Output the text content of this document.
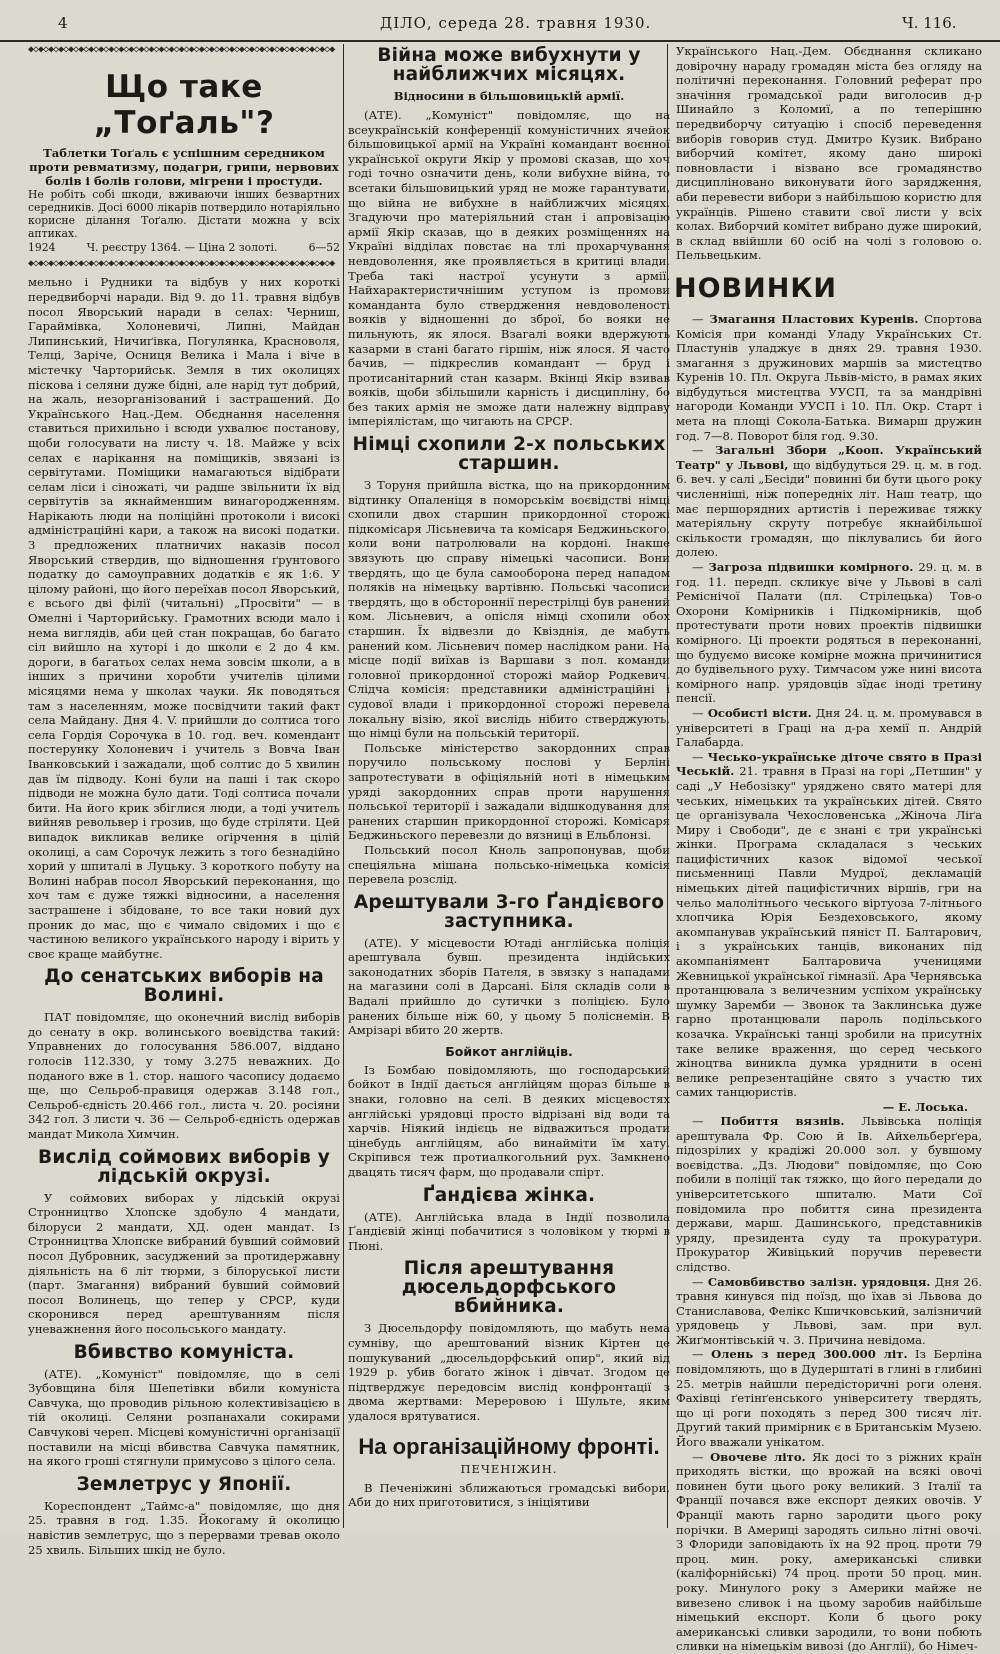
4	ДІЛО, середа 28. травня 1930.	Ч. 116.
◆◇◆◇◆◇◆◇◆◇◆◇◆◇◆◇◆◇◆◇◆◇◆◇◆◇◆◇◆◇◆◇◆◇◆◇◆◇◆◇◆◇◆◇◆◇◆◇◆◇◆◇◆◇◆◇◆◇◆◇◆
Що таке „Тоґаль"?
Таблетки Тоґаль є успішним середником проти ревматизму, подагри, грипи, нервових болів і болів голови, мігрени і простуди.
Не робіть собі шкоди, вживаючи інших безвартних середників. Досі 6000 лікарів потвердило нотаріяльно корисне ділання Тоґалю. Дістати можна у всіх аптиках.
1924	Ч. реєстру 1364. — Ціна 2 золоті.	6—52
◆◇◆◇◆◇◆◇◆◇◆◇◆◇◆◇◆◇◆◇◆◇◆◇◆◇◆◇◆◇◆◇◆◇◆◇◆◇◆◇◆◇◆◇◆◇◆◇◆◇◆◇◆◇◆◇◆◇◆◇◆

мельно і Рудники та відбув у них короткі передвиборчі наради. Від 9. до 11. травня відбув посол Яворський наради в селах: Черниш, Гараймівка, Холоневичі, Липні, Майдан Липинський, Ничиґівка, Погулянка, Красноволя, Телці, Заріче, Осниця Велика і Мала і віче в містечку Чарторийськ. Земля в тих околицях піскова і селяни дуже бідні, але нарід тут добрий, на жаль, незорганізований і застрашений. До Українського Нац.-Дем. Обєднання населення ставиться прихильно і всюди ухвалює постанову, щоби голосувати на листу ч. 18. Майже у всіх селах є нарікання на поміщиків, звязані із сервітутами. Поміщики намагаються відібрати селам ліси і сіножаті, чи радше звільнити їх від сервітутів за якнайменшим винагородженням. Нарікають люди на поліційні протоколи і високі адміністраційні кари, а також на високі податки. З предложених платничих наказів посол Яворський ствердив, що відношення ґрунтового податку до самоуправних додатків є як 1:6. У цілому районі, що його переїхав посол Яворський, є всього дві філії (читальні) „Просвіти" — в Омелні і Чарторийську. Грамотних всюди мало і нема виглядів, аби цей стан покращав, бо багато сіл вийшло на хуторі і до школи є 2 до 4 км. дороги, в багатьох селах нема зовсім школи, а в інших з причини хоробти учителів цілими місяцями нема у школах чауки. Як поводяться там з населенням, може посвідчити такий факт села Майдану. Дня 4. V. прийшли до солтиса того села Гордія Сорочука в 10. год. веч. комендант постерунку Холоневич і учитель з Вовча Іван Іванковський і зажадали, щоб солтис до 5 хвилин дав їм підводу. Коні були на паші і так скоро підводи не можна було дати. Тоді солтиса почали бити. На його крик збіглися люди, а тоді учитель вийняв револьвер і грозив, що буде стріляти. Цей випадок викликав велике огірчення в цілій околиці, а сам Сорочук лежить з того безнадійно хорий у шпиталі в Луцьку. З короткого побуту на Волині набрав посол Яворський переконання, що хоч там є дуже тяжкі відносини, а населення застрашене і збідоване, то все таки новий дух проник до мас, що є чимало свідомих і що є частиною великого українського народу і вірить у своє краще майбутнє.

До сенатських виборів на Волині.

ПАТ повідомляє, що оконечний вислід виборів до сенату в окр. волинського воєвідства такий: Управнених до голосування 586.007, віддано голосів 112.330, у тому 3.275 неважних. До поданого вже в 1. стор. нашого часопису додаємо ще, що Сельроб-правиця одержав 3.148 гол., Сельроб-єдність 20.466 гол., листа ч. 20. росіяни 342 гол. 3 листи ч. 36 — Сельроб-єдність одержав мандат Микола Химчин.

Вислід соймових виборів у лідській окрузі.

У соймових виборах у лідській окрузі Стронництво Хлопске здобуло 4 мандати, білоруси 2 мандати, ХД. оден мандат. Із Стронництва Хлопске вибраний бувший соймовий посол Дубровник, засуджений за протидержавну діяльність на 6 літ тюрми, з білоруської листи (парт. Змагання) вибраний бувший соймовий посол Волинець, що тепер у СРСР, куди скоронився перед арештуванням після уневажнення його посольського мандату.

Вбивство комуніста.

(АТЕ). „Комуніст" повідомляє, що в селі Зубовщина біля Шепетівки вбили комуніста Савчука, що проводив рільною колективізацією в тій околиці. Селяни розпанахали сокирами Савчукові череп. Місцеві комуністичні організації поставили на місці вбивства Савчука памятник, на якого гроші стягнули примусово з цілого села.

Землетрус у Японії.

Кореспондент „Таймс-а" повідомляє, що дня 25. травня в год. 1.35. Йокогаму й околицю навістив землетрус, що з перервами тревав около 25 хвиль. Більших шкід не було.

Війна може вибухнути у найближчих місяцях.
Відносини в більшовицькій армії.

(АТЕ). „Комуніст" повідомляє, що на всеукраїнській конференції комуністичних ячейок більшовицької армії на Україні командант воєнної української округи Якір у промові сказав, що хоч годі точно означити день, коли вибухне війна, то всетаки більшовицький уряд не може гарантувати, що війна не вибухне в найближчих місяцях. Згадуючи про матеріяльний стан і апровізацію армії Якір сказав, що в деяких розміщеннях на Україні відділах повстає на тлі прохарчування невдоволення, яке проявляється в критиці влади. Треба такі настрої усунути з армії. Найхарактеристичнішим уступом із промови команданта було ствердження невдоволеності вояків у відношенні до зброї, бо вояки не пильнують, як ялося. Взагалі вояки вдержують казарми в стані багато гіршім, ніж ялося. Я часто бачив, — підкреслив командант — бруд і протисанітарний стан казарм. Вкінці Якір взивав вояків, щоби збільшили карність і дисципліну, бо без таких армія не зможе дати належну відправу імперіялістам, що чигають на СРСР.

Німці схопили 2-х польських старшин.

З Торуня прийшла вістка, що на прикордонним відтинку Опаленіця в поморськім воєвідстві німці схопили двох старшин прикордонної сторожі підкомісаря Лісьневича та комісаря Беджиньского, коли вони патролювали на кордоні. Інакше звязують цю справу німецькі часописи. Вони твердять, що це була самооборона перед нападом поляків на німецьку вартівню. Польські часописи твердять, що в обстороннії перестрілці був ранений ком. Лісьневич, а опісля німці схопили обох старшин. Їх відвезли до Квізднія, де мабуть ранений ком. Лісьневич помер наслідком рани. На місце події виїхав із Варшави з пол. команди головної прикордонної сторожі майор Родкевич. Слідча комісія: представники адміністраційні і судової влади і прикордонної сторожі перевела локальну візію, якої вислідь нібито стверджують, що німці були на польській території.

Польське міністерство закордонних справ поручило польському послові у Берліні запротестувати в офіціяльній ноті в німецьким уряді закордонних справ проти нарушення польської території і зажадали відшкодування для ранених старшин прикордонної сторожі. Комісаря Беджиньского перевезли до вязниці в Ельблонзі.

Польський посол Кноль запропонував, щоби спеціяльна мішана польсько-німецька комісія перевела розслід.

Арештували 3-го Ґандієвого заступника.

(АТЕ). У місцевости Ютаді англійська поліція арештувала бувш. президента індійських законодатних зборів Пателя, в звязку з нападами на магазини солі в Дарсані. Біля складів соли в Вадалі прийшло до сутички з поліцією. Було ранених більше ніж 60, у цьому 5 поліснемін. В Амрізарі вбито 20 жертв.

Бойкот англійців.

Із Бомбаю повідомляють, що господарський бойкот в Індії дається англійцям щораз більше в знаки, головно на селі. В деяких місцевостях англійські урядовці просто відрізані від води та харчів. Ніякий індієць не відважиться продати цінебудь англійцям, або винайміти їм хату. Скріпився теж протиалкогольний рух. Замкнено двацять тисяч фарм, що продавали спірт.

Ґандієва жінка.

(АТЕ). Англійська влада в Індії позволила Ґандієвій жінці побачитися з чоловіком у тюрмі в Пюні.

Після арештування дюсельдорфського вбийника.

З Дюсельдорфу повідомляють, що мабуть нема сумніву, що арештований візник Кіртен це пошукуваний „дюсельдорфський опир", який від 1929 р. убив богато жінок і дівчат. Згодом це підтверджує передовсім вислід конфронтації з двома жертвами: Мереровою і Шульте, яким удалося врятуватися.

На організаційному фронті.
ПЕЧЕНІЖИН.

В Печеніжині зближаються громадські вибори. Аби до них приготовитися, з ініціятиви

Українського Нац.-Дем. Обєднання скликано довірочну нараду громадян міста без огляду на політичні переконання. Головний реферат про значіння громадської ради виголосив д-р Шинайло з Коломиї, а по теперішню передвиборчу ситуацію і спосіб переведення виборів говорив студ. Дмитро Кузик. Вибрано виборчий комітет, якому дано широкі повновласти і візвано все громадянство дисципліновано виконувати його зарядження, аби перевести вибори з найбільшою користю для українців. Рішено ставити свої листи у всіх колах. Виборчий комітет вибрано дуже широкий, в склад ввійшли 60 осіб на чолі з головою о. Пельвецьким.

НОВИНКИ

— Змагання Пластових Куренів. Спортова Комісія при команді Уладу Українських Ст. Пластунів уладжує в днях 29. травня 1930. змагання з дружинових маршів за мистецтво Куренів 10. Пл. Округа Львів-місто, в рамах яких відбудуться мистецтва УУСП, та за мандрівні нагороди Команди УУСП і 10. Пл. Окр. Старт і мета на площі Сокола-Батька. Вимарш дружин год. 7—8. Поворот біля год. 9.30.

— Загальні Збори „Кооп. Український Театр" у Львові, що відбудуться 29. ц. м. в год. 6. веч. у салі „Бесіди" повинні би бути цього року численніші, ніж попередніх літ. Наш театр, що має першорядних артистів і переживає тяжку матеріяльну скруту потребує якнайбільшої скількости громадян, що піклувались би його долею.

— Загроза підвишки комірного. 29. ц. м. в год. 11. передп. скликує віче у Львові в салі Реміснічої Палати (пл. Стрілецька) Тов-о Охорони Комірників і Підкомірників, щоб протестувати проти нових проектів підвишки комірного. Ці проекти родяться в переконанні, що будуємо високе комірне можна причинитися до будівельного руху. Тимчасом уже нині висота комірного напр. урядовців зїдає іноді третину пенсії.

— Особисті вісти. Дня 24. ц. м. промувався в університеті в Граці на д-ра хемії п. Андрій Галабарда.

— Чесько-українське діточе свято в Празі Чеській. 21. травня в Празі на горі „Петшин" у саді „У Небозізку" уряджено свято матері для чеських, німецьких та українських дітей. Свято це організувала Чехословенська „Жіноча Ліґа Миру і Свободи", де є знані є три українські жінки. Програма складалася з чеських пацифістичних казок відомої чеської письменниці Павли Мудрої, декламацій німецьких дітей пацифістичних віршів, гри на чельо малолітнього чеського віртуоза 7-літнього хлопчика Юрія Бездеховського, якому акомпанував український пяніст П. Балтарович, і з українських танців, виконаних під акомпаніямент Балтаровича ученицями Жевницької української гімназії. Ара Чернявська протанцювала з величезним успіхом українську шумку Заремби — Звонок та Заклинська дуже гарно протанцювали пароль подільського козачка. Українські танці зробили на присутніх таке велике враження, що серед чеського жіноцтва виникла думка уряднити в осені велике репрезентаційне свято з участю тих самих танцюристів.

— Е. Лоська.

— Побиття вязнів. Львівська поліція арештувала Фр. Сою й Ів. Айхельберґера, підозрілих у крадіжі 20.000 зол. у бувшому воєвідства. „Дз. Людови" повідомляє, що Сою побили в поліції так тяжко, що його передали до університетського шпиталю. Мати Сої повідомила про побиття сина президента держави, марш. Дашинського, представників уряду, президента суду та прокуратури. Прокуратор Живіцький поручив перевести слідство.

— Самовбивство залізн. урядовця. Дня 26. травня кинувся під поїзд, що їхав зі Львова до Станиславова, Фелікс Кшичковський, залізничий урядовець у Львові, зам. при вул. Жиґмонтівській ч. 3. Причина невідома.

— Олень з перед 300.000 літ. Із Берліна повідомляють, що в Дудерштаті в глині в глибині 25. метрів найшли передісторичні роги оленя. Фахівці ґетінґенського університету твердять, що ці роги походять з перед 300 тисяч літ. Другий такий примірник є в Британськім Музею. Його вважали унікатом.

— Овочеве літо. Як досі то з ріжних країн приходять вістки, що врожай на всякі овочі повинен бути цього року великий. З Італії та Франції почався вже експорт деяких овочів. У Франції мають гарно зародити цього року порічки. В Америці зародять сильно літні овочі. З Флориди заповідають їх на 92 проц. проти 79 проц. мин. року, американські сливки (каліфорнійські) 74 проц. проти 50 проц. мин. року. Минулого року з Америки майже не вивезено сливок і на цьому заробив найбільше німецький експорт. Коли б цього року американські сливки зародили, то вони побють сливки на німецькім вивозі (до Англії), бо Німеч-
